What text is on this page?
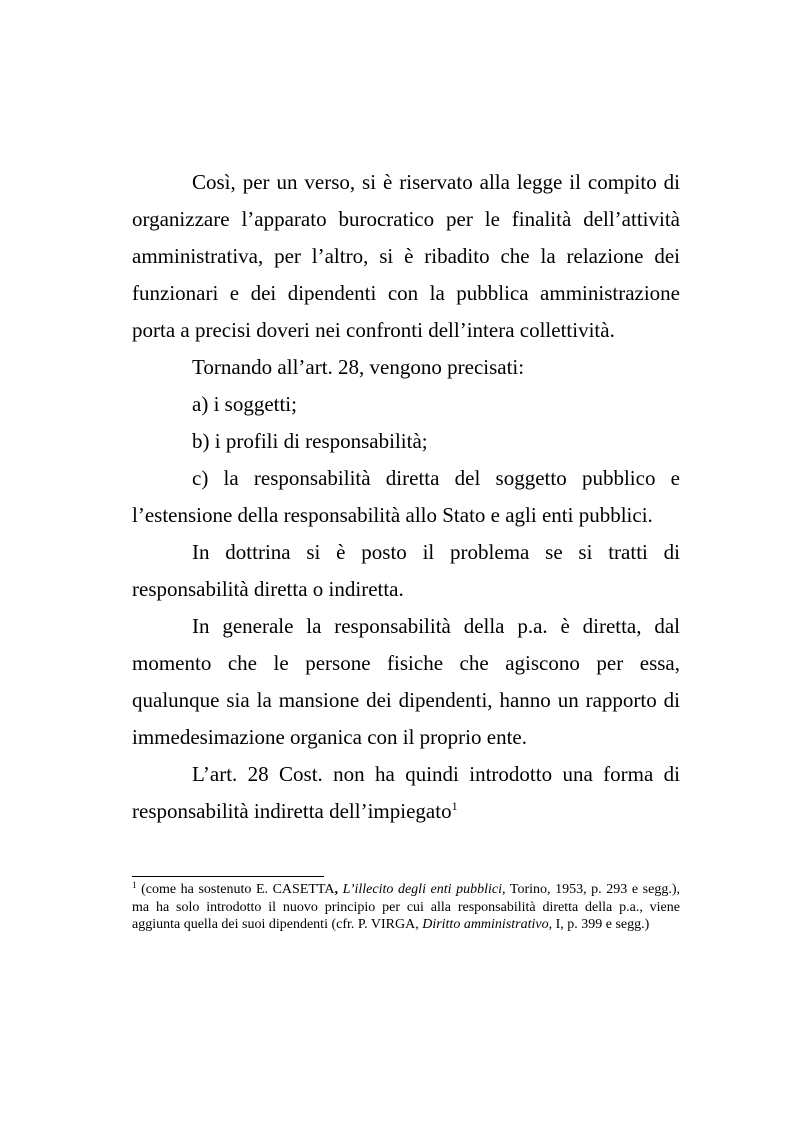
Così, per un verso, si è riservato alla legge il compito di organizzare l’apparato burocratico per le finalità dell’attività amministrativa, per l’altro, si è ribadito che la relazione dei funzionari e dei dipendenti con la pubblica amministrazione porta a precisi doveri nei confronti dell’intera collettività.

Tornando all’art. 28, vengono precisati:

a) i soggetti;

b) i profili di responsabilità;

c) la responsabilità diretta del soggetto pubblico e l’estensione della responsabilità allo Stato e agli enti pubblici.

In dottrina si è posto il problema se si tratti di responsabilità diretta o indiretta.

In generale la responsabilità della p.a. è diretta, dal momento che le persone fisiche che agiscono per essa, qualunque sia la mansione dei dipendenti, hanno un rapporto di immedesimazione organica con il proprio ente.

L’art. 28 Cost. non ha quindi introdotto una forma di responsabilità indiretta dell’impiegato$^1$

$^1$ (come ha sostenuto E. CASETTA, L’illecito degli enti pubblici, Torino, 1953, p. 293 e segg.), ma ha solo introdotto il nuovo principio per cui alla responsabilità diretta della p.a., viene aggiunta quella dei suoi dipendenti (cfr. P. VIRGA, Diritto amministrativo, I, p. 399 e segg.)
